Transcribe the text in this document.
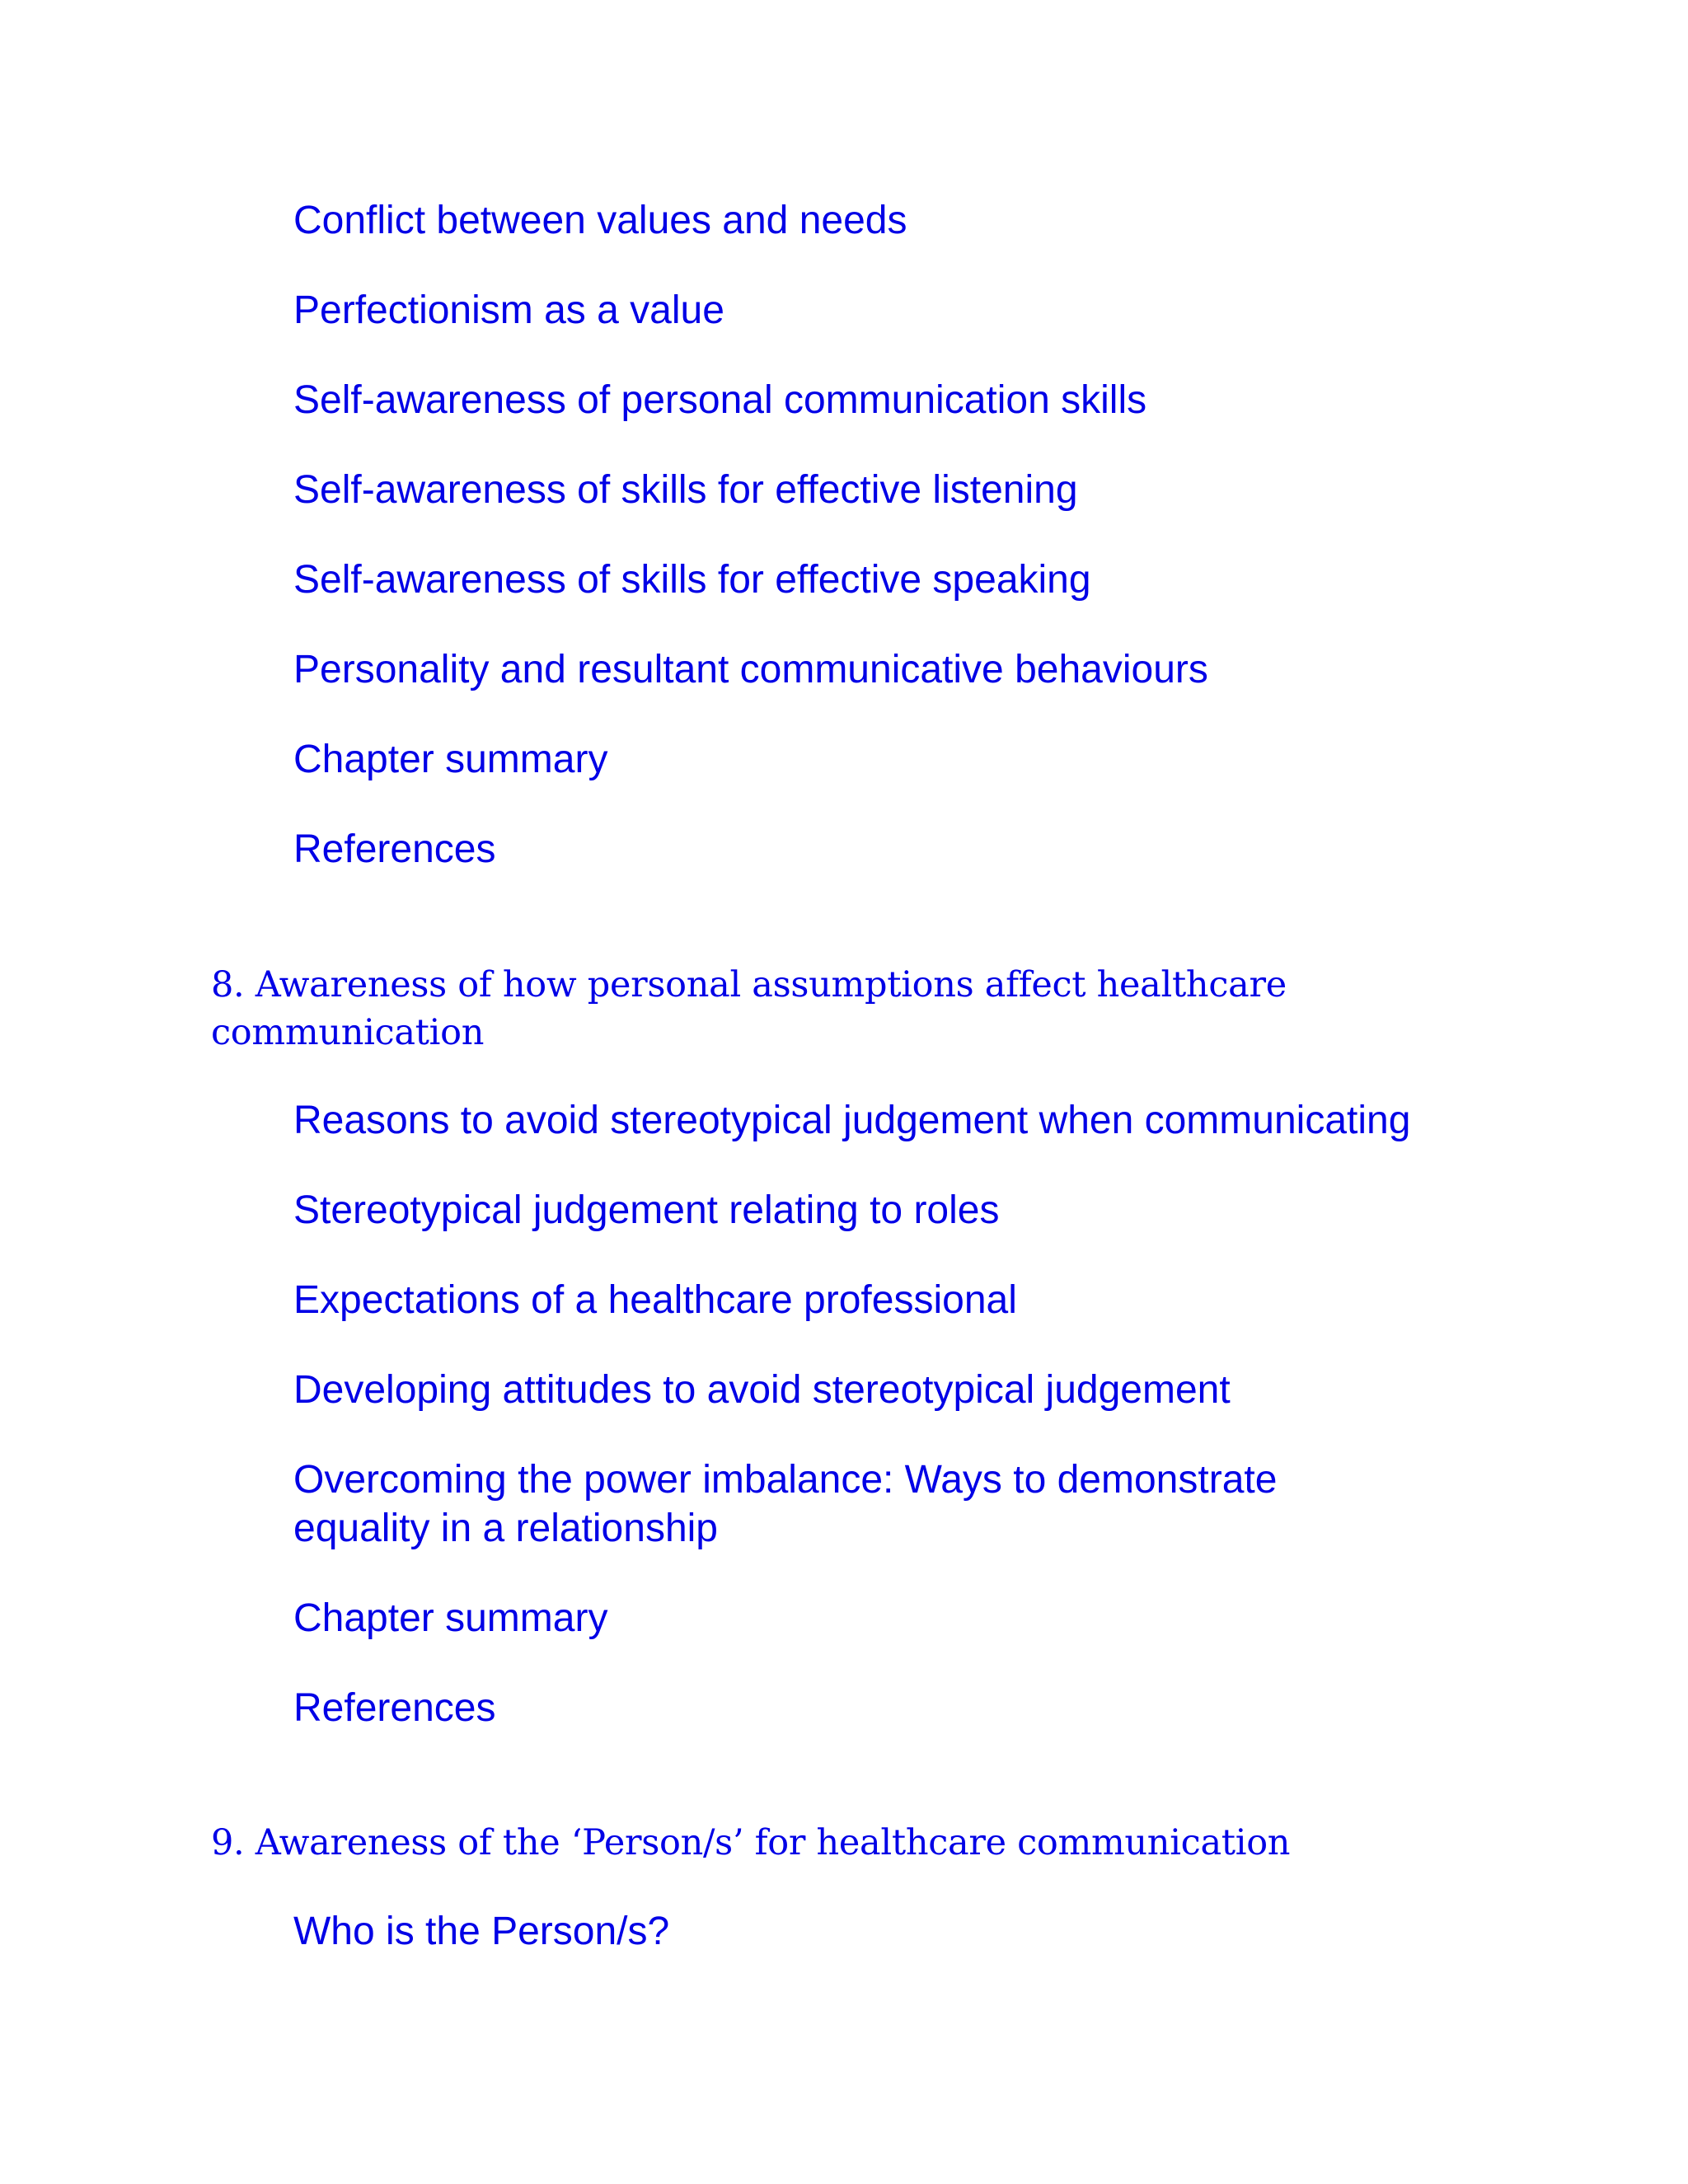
Conflict between values and needs
Perfectionism as a value
Self-awareness of personal communication skills
Self-awareness of skills for effective listening
Self-awareness of skills for effective speaking
Personality and resultant communicative behaviours
Chapter summary
References
8. Awareness of how personal assumptions affect healthcare
communication
Reasons to avoid stereotypical judgement when communicating
Stereotypical judgement relating to roles
Expectations of a healthcare professional
Developing attitudes to avoid stereotypical judgement
Overcoming the power imbalance: Ways to demonstrate
equality in a relationship
Chapter summary
References
9. Awareness of the ‘Person/s’ for healthcare communication
Who is the Person/s?
